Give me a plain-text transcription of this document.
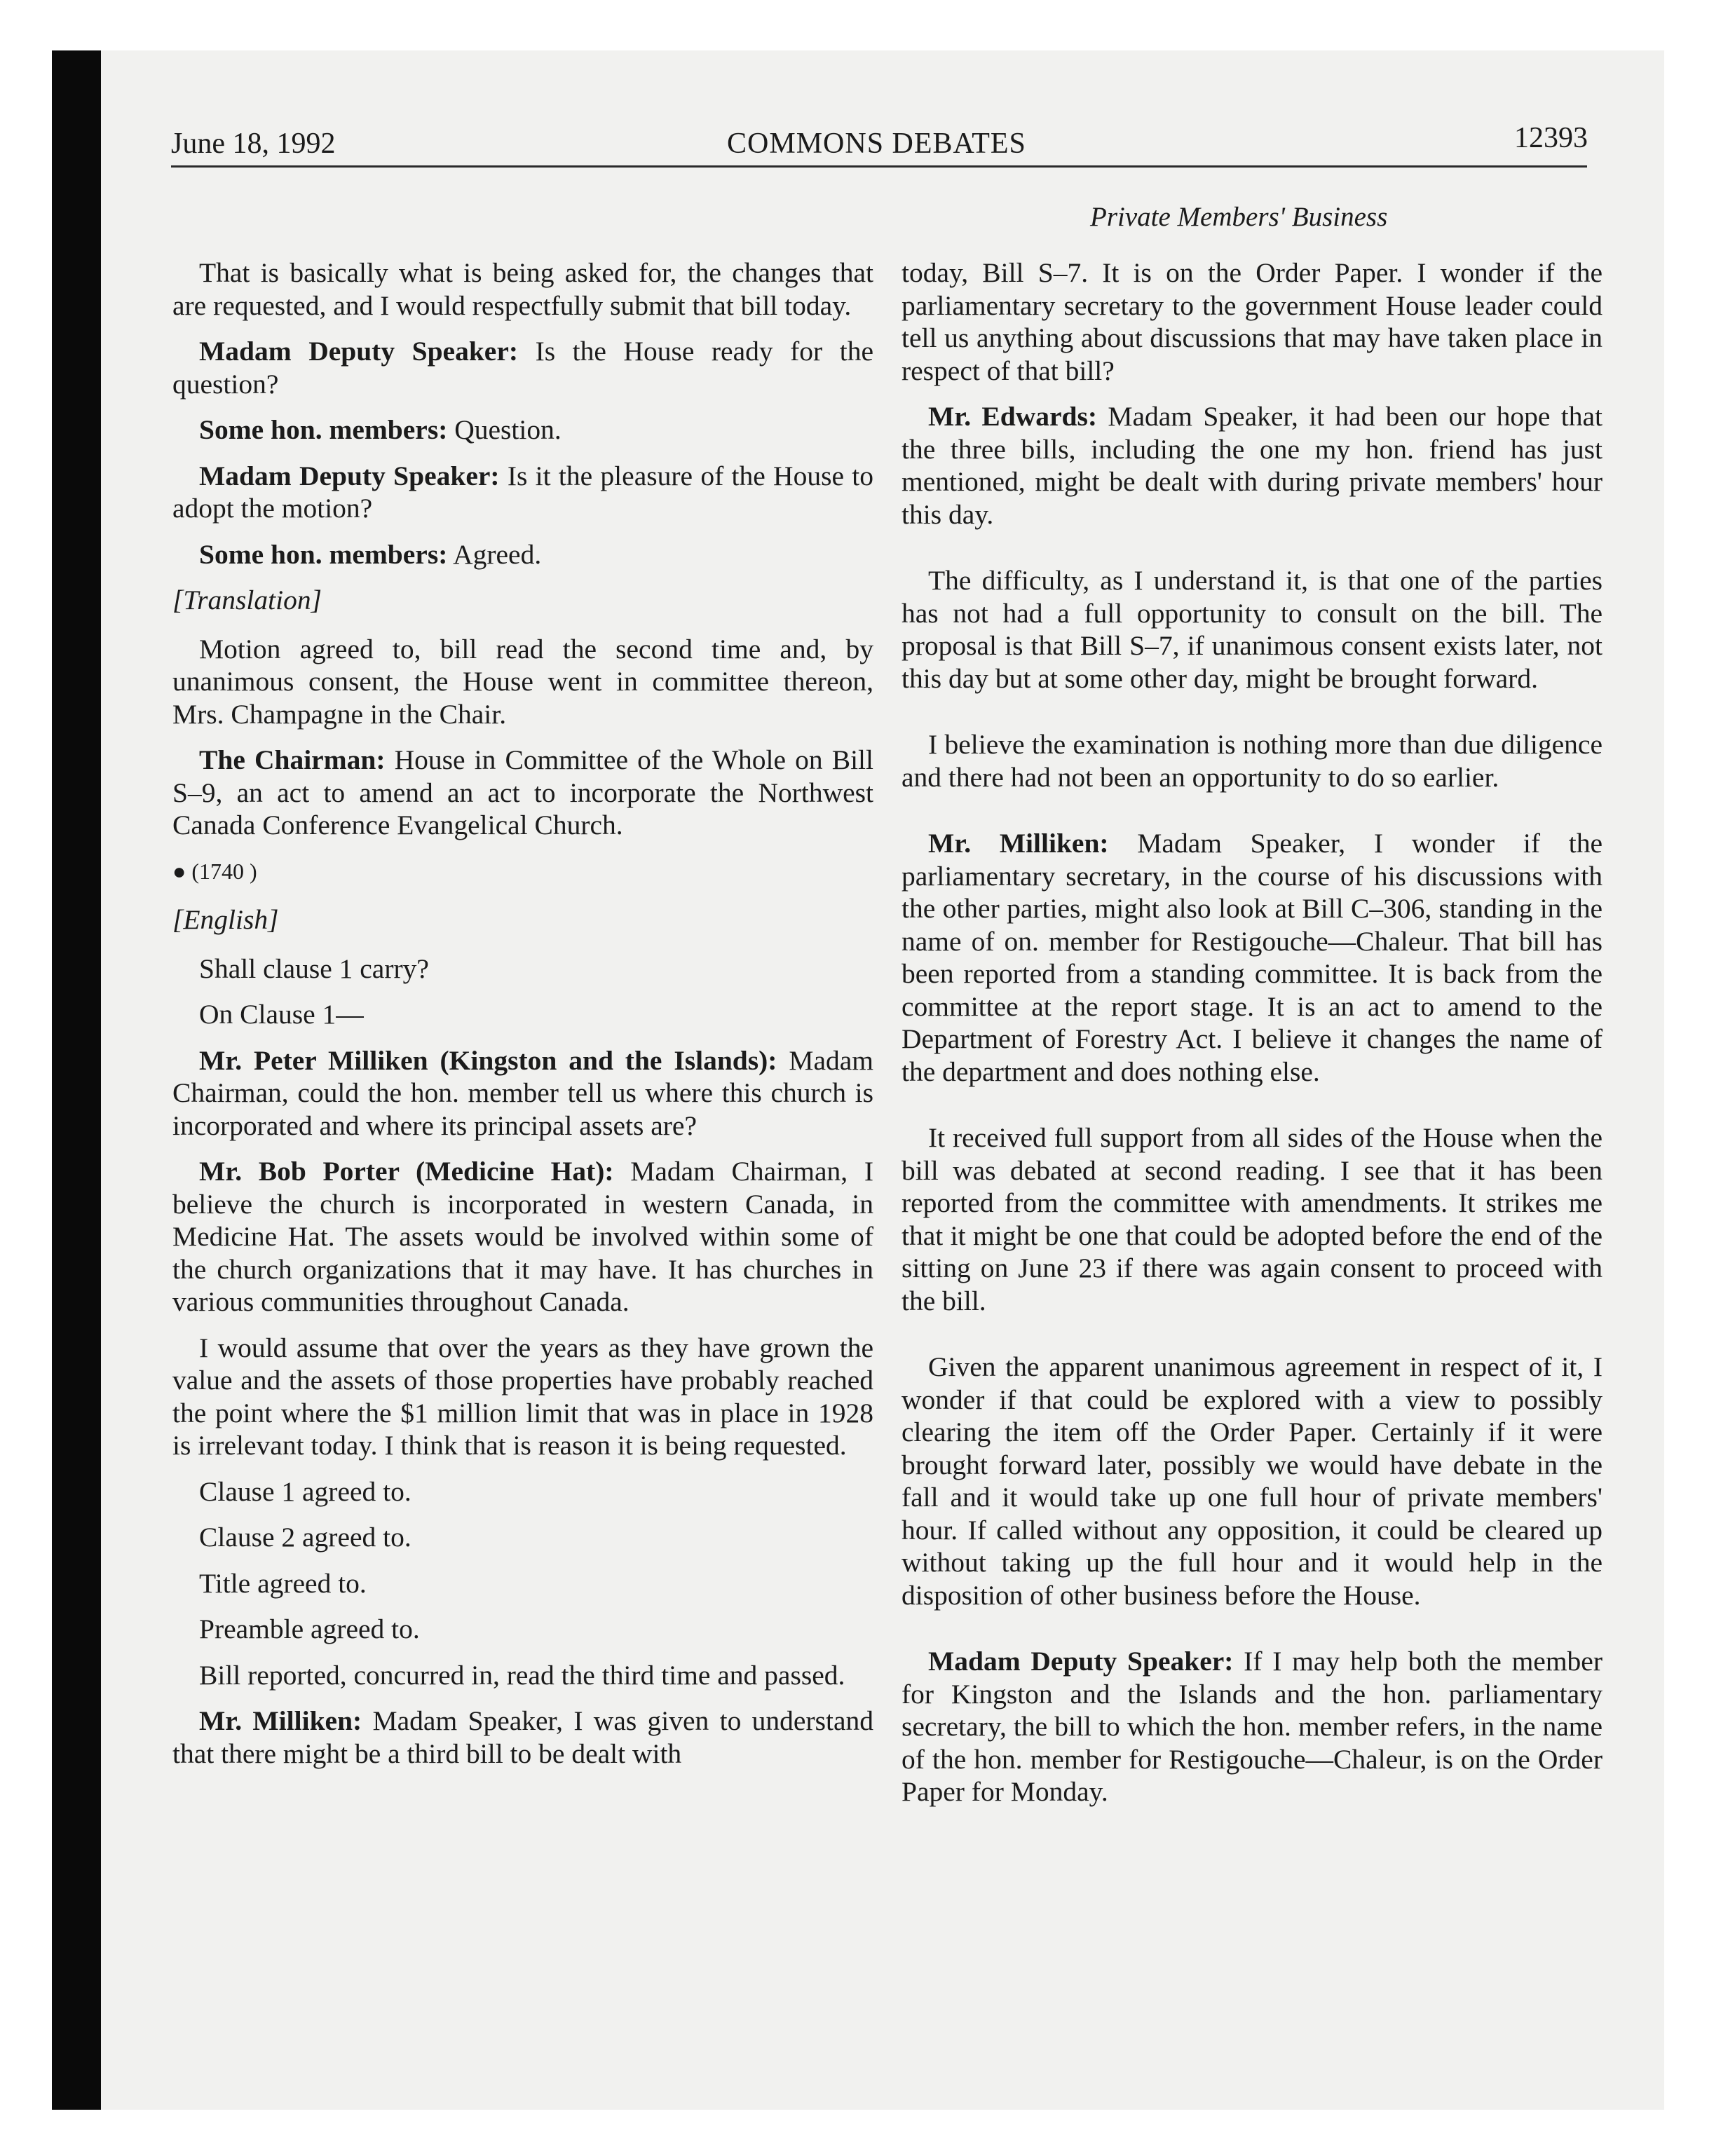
June 18, 1992	COMMONS DEBATES	12393
Private Members' Business

That is basically what is being asked for, the changes that are requested, and I would respectfully submit that bill today.

Madam Deputy Speaker: Is the House ready for the question?

Some hon. members: Question.

Madam Deputy Speaker: Is it the pleasure of the House to adopt the motion?

Some hon. members: Agreed.

[Translation]

Motion agreed to, bill read the second time and, by unanimous consent, the House went in committee thereon, Mrs. Champagne in the Chair.

The Chairman: House in Committee of the Whole on Bill S–9, an act to amend an act to incorporate the Northwest Canada Conference Evangelical Church.

● (1740 )

[English]

Shall clause 1 carry?

On Clause 1—

Mr. Peter Milliken (Kingston and the Islands): Madam Chairman, could the hon. member tell us where this church is incorporated and where its principal assets are?

Mr. Bob Porter (Medicine Hat): Madam Chairman, I believe the church is incorporated in western Canada, in Medicine Hat. The assets would be involved within some of the church organizations that it may have. It has churches in various communities throughout Canada.

I would assume that over the years as they have grown the value and the assets of those properties have probably reached the point where the $1 million limit that was in place in 1928 is irrelevant today. I think that is reason it is being requested.

Clause 1 agreed to.

Clause 2 agreed to.

Title agreed to.

Preamble agreed to.

Bill reported, concurred in, read the third time and passed.

Mr. Milliken: Madam Speaker, I was given to understand that there might be a third bill to be dealt with

today, Bill S–7. It is on the Order Paper. I wonder if the parliamentary secretary to the government House leader could tell us anything about discussions that may have taken place in respect of that bill?

Mr. Edwards: Madam Speaker, it had been our hope that the three bills, including the one my hon. friend has just mentioned, might be dealt with during private members' hour this day.

The difficulty, as I understand it, is that one of the parties has not had a full opportunity to consult on the bill. The proposal is that Bill S–7, if unanimous consent exists later, not this day but at some other day, might be brought forward.

I believe the examination is nothing more than due diligence and there had not been an opportunity to do so earlier.

Mr. Milliken: Madam Speaker, I wonder if the parliamentary secretary, in the course of his discussions with the other parties, might also look at Bill C–306, standing in the name of on. member for Restigouche—Chaleur. That bill has been reported from a standing committee. It is back from the committee at the report stage. It is an act to amend to the Department of Forestry Act. I believe it changes the name of the department and does nothing else.

It received full support from all sides of the House when the bill was debated at second reading. I see that it has been reported from the committee with amendments. It strikes me that it might be one that could be adopted before the end of the sitting on June 23 if there was again consent to proceed with the bill.

Given the apparent unanimous agreement in respect of it, I wonder if that could be explored with a view to possibly clearing the item off the Order Paper. Certainly if it were brought forward later, possibly we would have debate in the fall and it would take up one full hour of private members' hour. If called without any opposition, it could be cleared up without taking up the full hour and it would help in the disposition of other business before the House.

Madam Deputy Speaker: If I may help both the member for Kingston and the Islands and the hon. parliamentary secretary, the bill to which the hon. member refers, in the name of the hon. member for Restigouche—Chaleur, is on the Order Paper for Monday.
